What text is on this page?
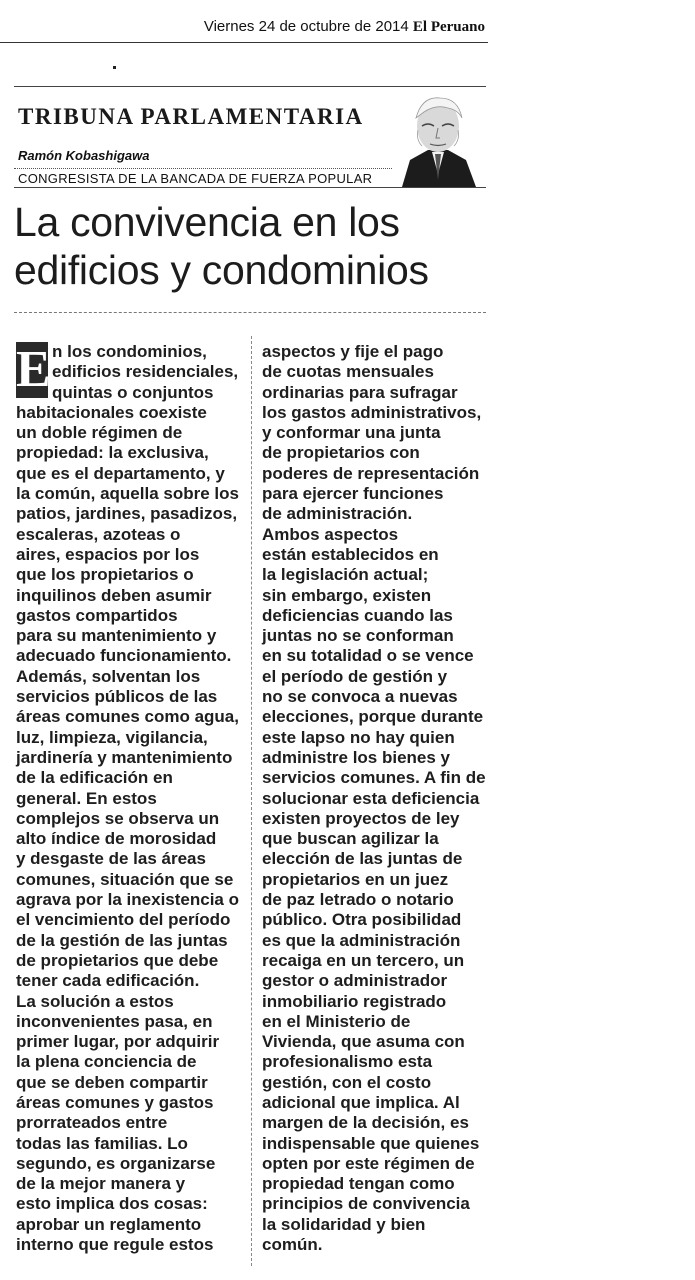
Viernes 24 de octubre de 2014 El Peruano
TRIBUNA PARLAMENTARIA
Ramón Kobashigawa
CONGRESISTA DE LA BANCADA DE FUERZA POPULAR
La convivencia en los
edificios y condominios
E n los condominios,
edificios residenciales,
quintas o conjuntos
habitacionales coexiste
un doble régimen de
propiedad: la exclusiva,
que es el departamento, y
la común, aquella sobre los
patios, jardines, pasadizos,
escaleras, azoteas o
aires, espacios por los
que los propietarios o
inquilinos deben asumir
gastos compartidos
para su mantenimiento y
adecuado funcionamiento.
Además, solventan los
servicios públicos de las
áreas comunes como agua,
luz, limpieza, vigilancia,
jardinería y mantenimiento
de la edificación en
general. En estos
complejos se observa un
alto índice de morosidad
y desgaste de las áreas
comunes, situación que se
agrava por la inexistencia o
el vencimiento del período
de la gestión de las juntas
de propietarios que debe
tener cada edificación.
La solución a estos
inconvenientes pasa, en
primer lugar, por adquirir
la plena conciencia de
que se deben compartir
áreas comunes y gastos
prorrateados entre
todas las familias. Lo
segundo, es organizarse
de la mejor manera y
esto implica dos cosas:
aprobar un reglamento
interno que regule estos
aspectos y fije el pago
de cuotas mensuales
ordinarias para sufragar
los gastos administrativos,
y conformar una junta
de propietarios con
poderes de representación
para ejercer funciones
de administración.
Ambos aspectos
están establecidos en
la legislación actual;
sin embargo, existen
deficiencias cuando las
juntas no se conforman
en su totalidad o se vence
el período de gestión y
no se convoca a nuevas
elecciones, porque durante
este lapso no hay quien
administre los bienes y
servicios comunes. A fin de
solucionar esta deficiencia
existen proyectos de ley
que buscan agilizar la
elección de las juntas de
propietarios en un juez
de paz letrado o notario
público. Otra posibilidad
es que la administración
recaiga en un tercero, un
gestor o administrador
inmobiliario registrado
en el Ministerio de
Vivienda, que asuma con
profesionalismo esta
gestión, con el costo
adicional que implica. Al
margen de la decisión, es
indispensable que quienes
opten por este régimen de
propiedad tengan como
principios de convivencia
la solidaridad y bien
común.
